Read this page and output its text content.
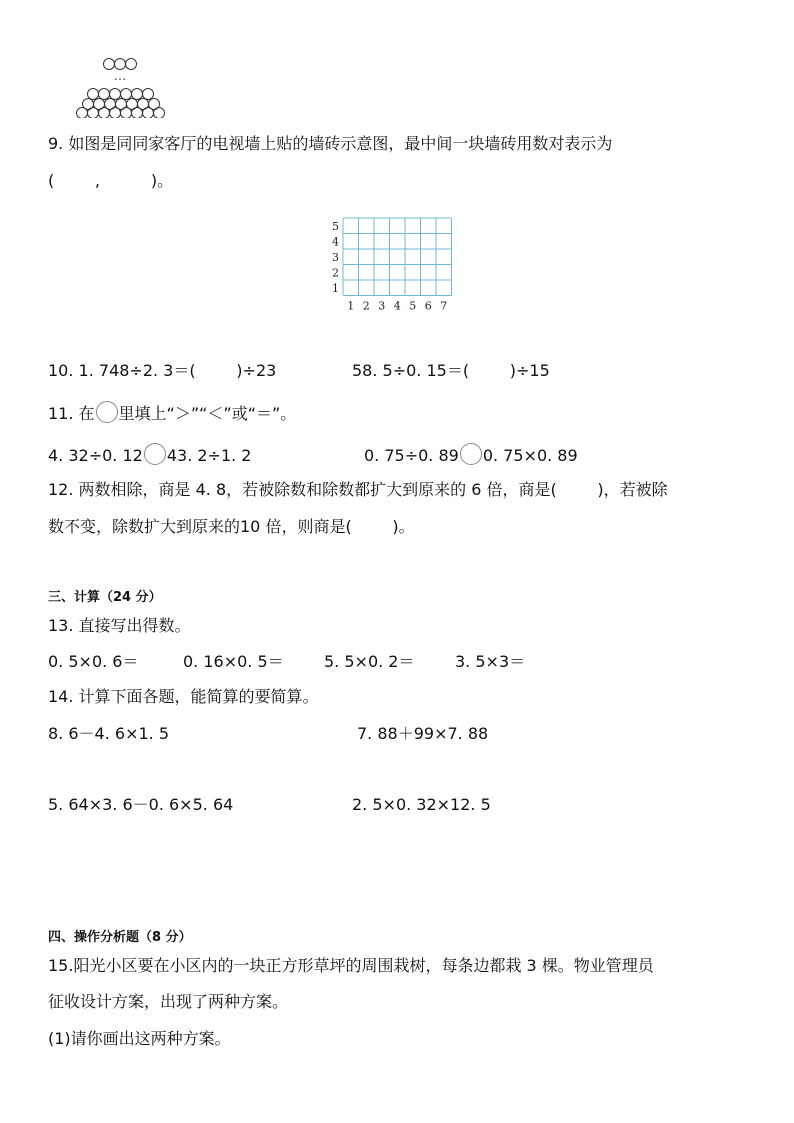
…
9. 如图是同同家客厅的电视墙上贴的墙砖示意图，最中间一块墙砖用数对表示为
(        ,          )。
5
4
3
2
1
1 2 3 4 5 6 7
10. 1. 748÷2. 3＝(        )÷23	58. 5÷0. 15＝(        )÷15
11. 在 里填上“＞”“＜”或“＝”。
4. 32÷0. 12 43. 2÷1. 2	0. 75÷0. 89 0. 75×0. 89
12. 两数相除，商是 4. 8，若被除数和除数都扩大到原来的 6 倍，商是(        )，若被除
数不变，除数扩大到原来的10 倍，则商是(        )。
三、计算（24 分）
13. 直接写出得数。
0. 5×0. 6＝	0. 16×0. 5＝	5. 5×0. 2＝	3. 5×3＝
14. 计算下面各题，能简算的要简算。
8. 6－4. 6×1. 5	7. 88＋99×7. 88
5. 64×3. 6－0. 6×5. 64	2. 5×0. 32×12. 5
四、操作分析题（8 分）
15.阳光小区要在小区内的一块正方形草坪的周围栽树，每条边都栽 3 棵。物业管理员
征收设计方案，出现了两种方案。
(1)请你画出这两种方案。
